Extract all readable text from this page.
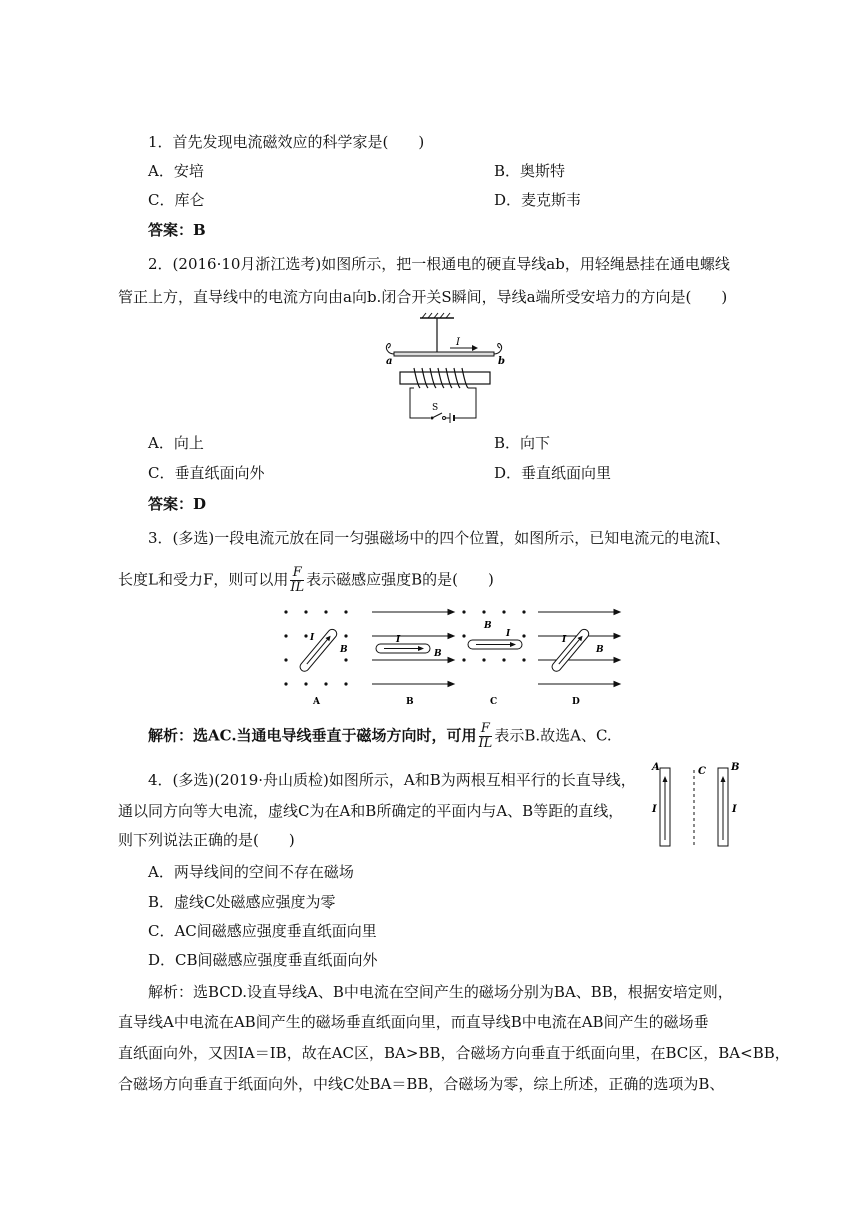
1．首先发现电流磁效应的科学家是(　　)
A．安培	B．奥斯特
C．库仑	D．麦克斯韦
答案：B
2．(2016·10月浙江选考)如图所示，把一根通电的硬直导线ab，用轻绳悬挂在通电螺线
管正上方，直导线中的电流方向由a向b.闭合开关S瞬间，导线a端所受安培力的方向是(　　)
I
a	b
S
A．向上	B．向下
C．垂直纸面向外	D．垂直纸面向里
答案：D
3．(多选)一段电流元放在同一匀强磁场中的四个位置，如图所示，已知电流元的电流I、
长度L和受力F，则可以用 $\frac{F}{IL}$ 表示磁感应强度B的是(　　)
I
B
A
I
B
B
B
I
C
I
B
D
解析：选AC.当通电导线垂直于磁场方向时，可用 $\frac{F}{IL}$ 表示B.故选A、C.
4．(多选)(2019·舟山质检)如图所示，A和B为两根互相平行的长直导线，
通以同方向等大电流，虚线C为在A和B所确定的平面内与A、B等距的直线，
则下列说法正确的是(　　)
A
I
C	B
I
A．两导线间的空间不存在磁场
B．虚线C处磁感应强度为零
C．AC间磁感应强度垂直纸面向里
D．CB间磁感应强度垂直纸面向外
解析：选BCD.设直导线A、B中电流在空间产生的磁场分别为BA、BB，根据安培定则，
直导线A中电流在AB间产生的磁场垂直纸面向里，而直导线B中电流在AB间产生的磁场垂
直纸面向外，又因IA＝IB，故在AC区，BA>BB，合磁场方向垂直于纸面向里，在BC区，BA<BB，
合磁场方向垂直于纸面向外，中线C处BA＝BB，合磁场为零，综上所述，正确的选项为B、
